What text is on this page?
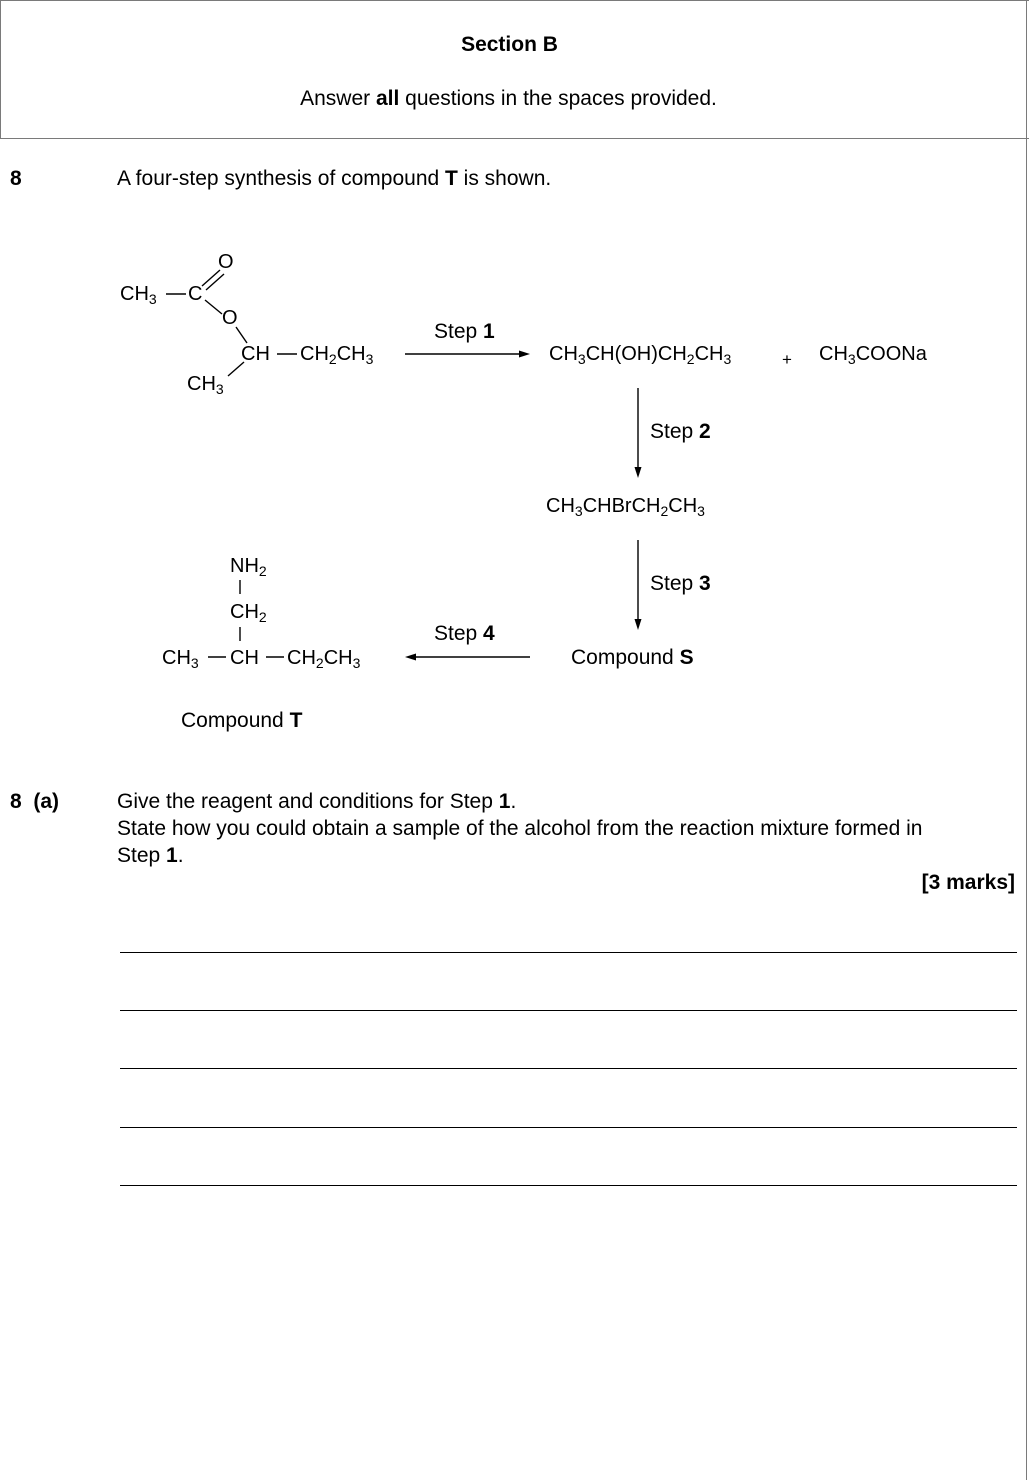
Section B
Answer all questions in the spaces provided.
8	A four-step synthesis of compound T is shown.
$CH_3$ C
O
O
CH $CH_2CH_3$
$CH_3$
Step 1
Step 2
Step 3
Step 4
$CH_3CH(OH)CH_2CH_3$	+ $CH_3COONa$
$CH_3CHBrCH_2CH_3$
Compound S
$NH_2$
$CH_2$
$CH_3$ CH $CH_2CH_3$
Compound T
8  (a)	Give the reagent and conditions for Step 1.
State how you could obtain a sample of the alcohol from the reaction mixture formed in
Step 1.
[3 marks]
